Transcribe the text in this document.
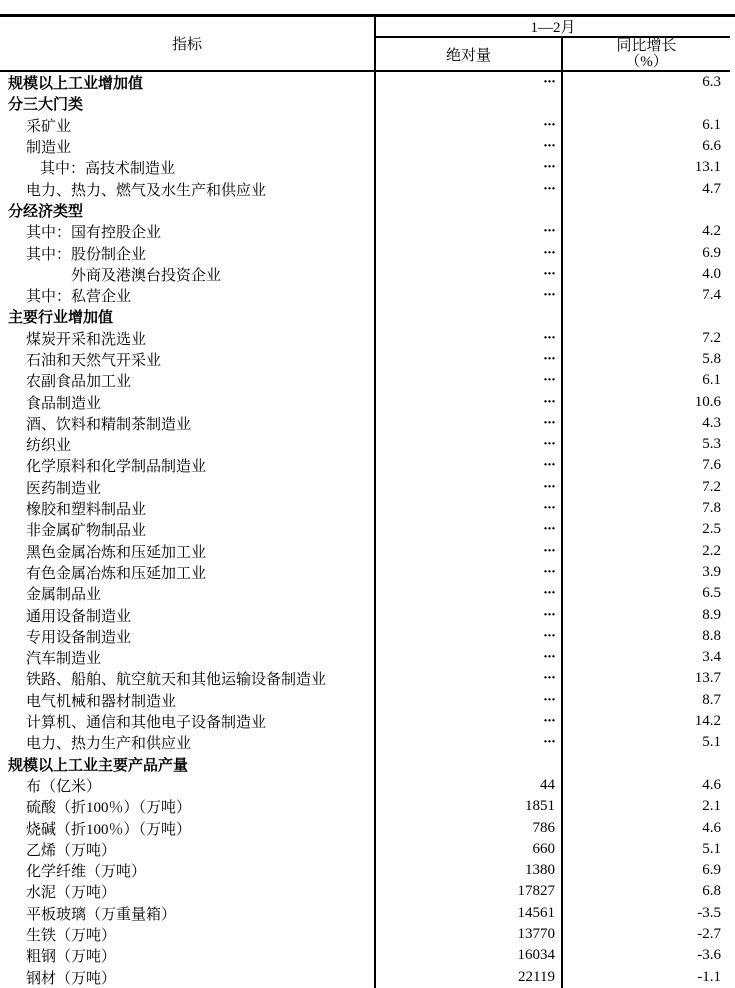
指标
1—2月
绝对量
同比增长
（%）
规模以上工业增加值	···	6.3
分三大门类
采矿业	···	6.1
制造业	···	6.6
其中：高技术制造业	···	13.1
电力、热力、燃气及水生产和供应业	···	4.7
分经济类型
其中：国有控股企业	···	4.2
其中：股份制企业	···	6.9
外商及港澳台投资企业	···	4.0
其中：私营企业	···	7.4
主要行业增加值
煤炭开采和洗选业	···	7.2
石油和天然气开采业	···	5.8
农副食品加工业	···	6.1
食品制造业	···	10.6
酒、饮料和精制茶制造业	···	4.3
纺织业	···	5.3
化学原料和化学制品制造业	···	7.6
医药制造业	···	7.2
橡胶和塑料制品业	···	7.8
非金属矿物制品业	···	2.5
黑色金属冶炼和压延加工业	···	2.2
有色金属冶炼和压延加工业	···	3.9
金属制品业	···	6.5
通用设备制造业	···	8.9
专用设备制造业	···	8.8
汽车制造业	···	3.4
铁路、船舶、航空航天和其他运输设备制造业	···	13.7
电气机械和器材制造业	···	8.7
计算机、通信和其他电子设备制造业	···	14.2
电力、热力生产和供应业	···	5.1
规模以上工业主要产品产量
布（亿米）	44	4.6
硫酸（折100％）（万吨）	1851	2.1
烧碱（折100％）（万吨）	786	4.6
乙烯（万吨）	660	5.1
化学纤维（万吨）	1380	6.9
水泥（万吨）	17827	6.8
平板玻璃（万重量箱）	14561	-3.5
生铁（万吨）	13770	-2.7
粗钢（万吨）	16034	-3.6
钢材（万吨）	22119	-1.1
